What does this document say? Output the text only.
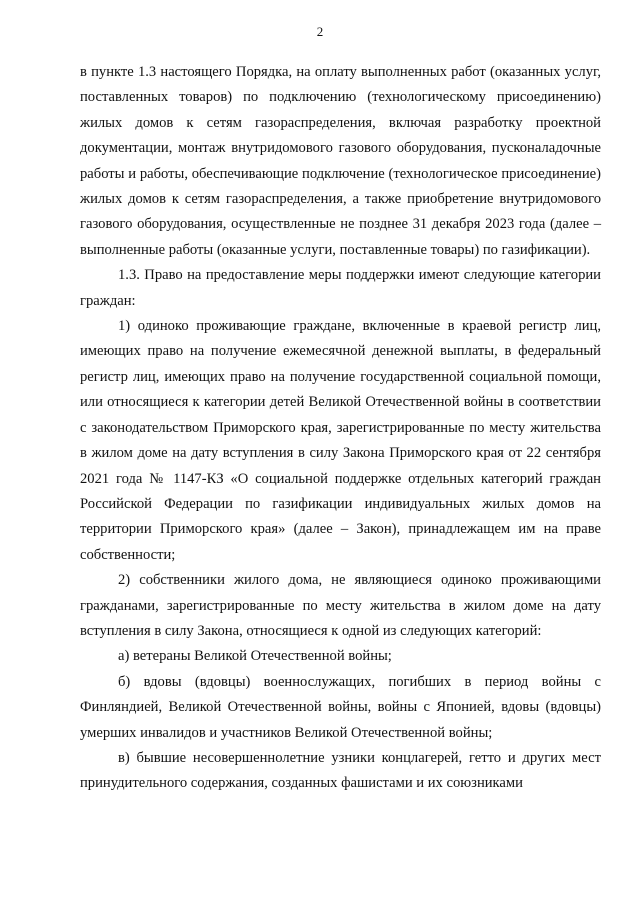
2

в пункте 1.3 настоящего Порядка, на оплату выполненных работ (оказанных услуг, поставленных товаров) по подключению (технологическому присоединению) жилых домов к сетям газораспределения, включая разработку проектной документации, монтаж внутридомового газового оборудования, пусконаладочные работы и работы, обеспечивающие подключение (технологическое присоединение) жилых домов к сетям газораспределения, а также приобретение внутридомового газового оборудования, осуществленные не позднее 31 декабря 2023 года (далее – выполненные работы (оказанные услуги, поставленные товары) по газификации).

1.3. Право на предоставление меры поддержки имеют следующие категории граждан:

1) одиноко проживающие граждане, включенные в краевой регистр лиц, имеющих право на получение ежемесячной денежной выплаты, в федеральный регистр лиц, имеющих право на получение государственной социальной помощи, или относящиеся к категории детей Великой Отечественной войны в соответствии с законодательством Приморского края, зарегистрированные по месту жительства в жилом доме на дату вступления в силу Закона Приморского края от 22 сентября 2021 года № 1147-КЗ «О социальной поддержке отдельных категорий граждан Российской Федерации по газификации индивидуальных жилых домов на территории Приморского края» (далее – Закон), принадлежащем им на праве собственности;

2) собственники жилого дома, не являющиеся одиноко проживающими гражданами, зарегистрированные по месту жительства в жилом доме на дату вступления в силу Закона, относящиеся к одной из следующих категорий:

а) ветераны Великой Отечественной войны;

б) вдовы (вдовцы) военнослужащих, погибших в период войны с Финляндией, Великой Отечественной войны, войны с Японией, вдовы (вдовцы) умерших инвалидов и участников Великой Отечественной войны;

в) бывшие несовершеннолетние узники концлагерей, гетто и других мест принудительного содержания, созданных фашистами и их союзниками
